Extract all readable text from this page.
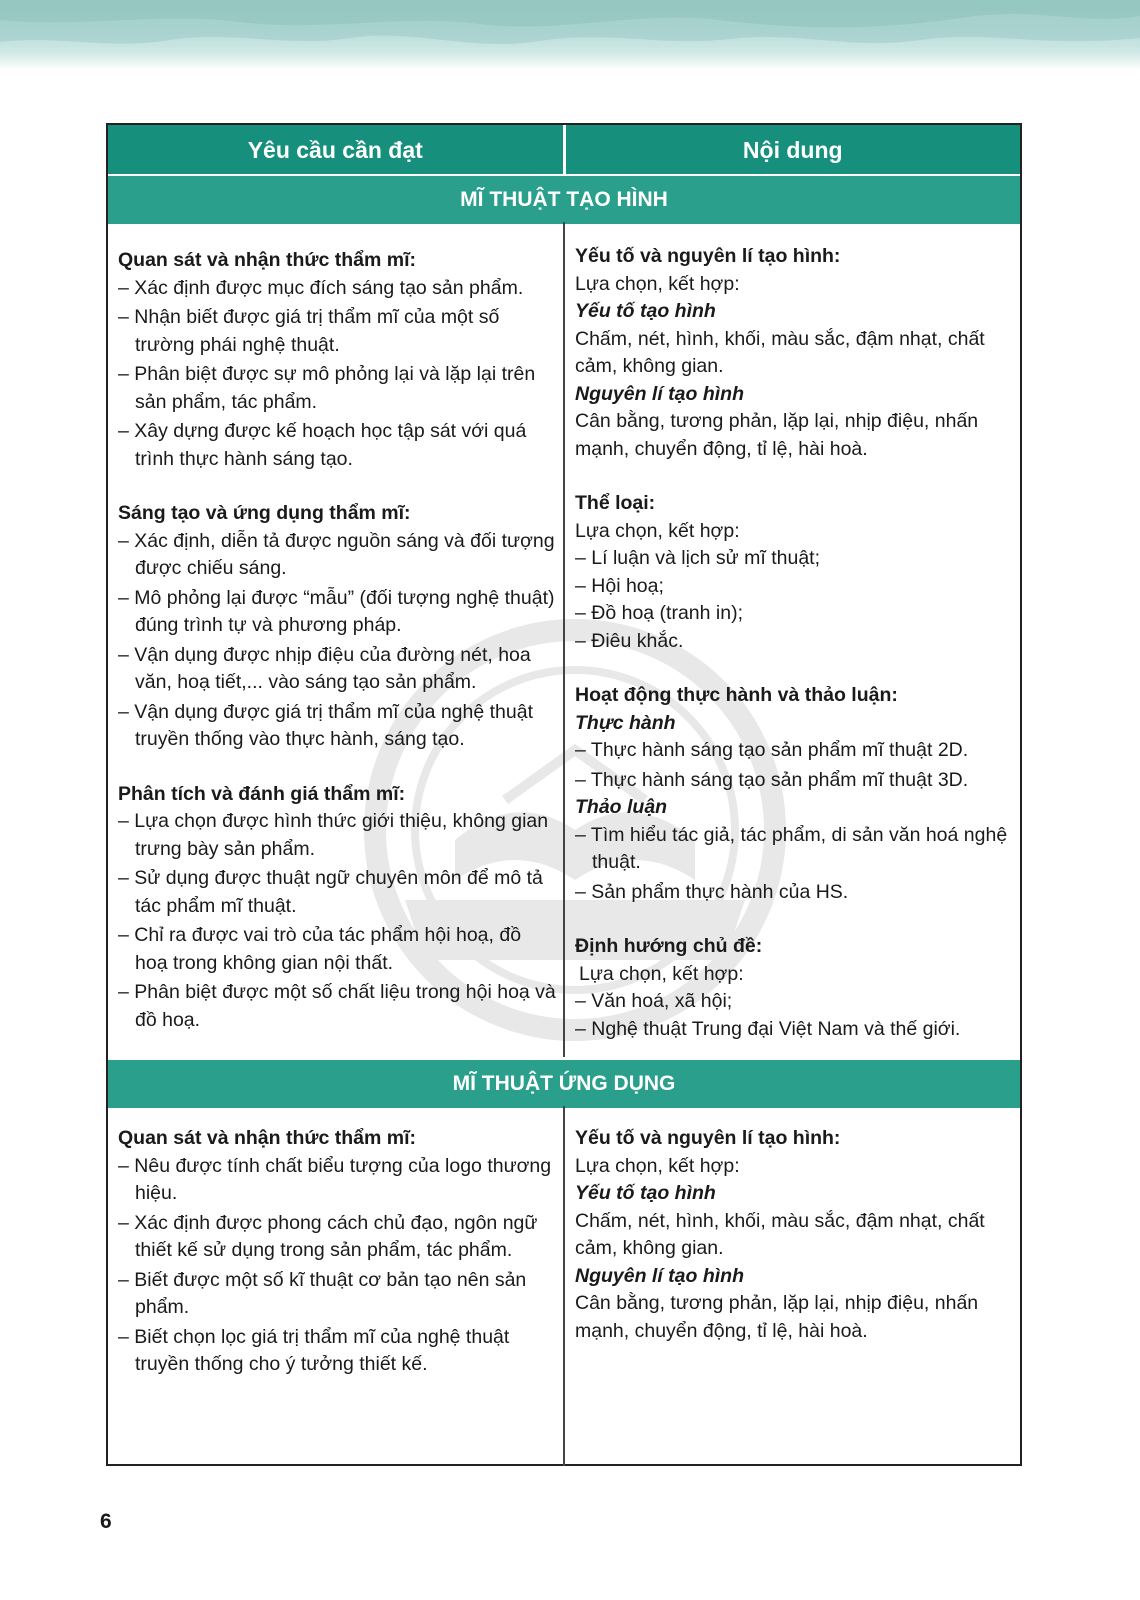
Yêu cầu cần đạt	Nội dung
MĨ THUẬT TẠO HÌNH
Quan sát và nhận thức thẩm mĩ:
– Xác định được mục đích sáng tạo sản phẩm.
– Nhận biết được giá trị thẩm mĩ của một số trường phái nghệ thuật.
– Phân biệt được sự mô phỏng lại và lặp lại trên sản phẩm, tác phẩm.
– Xây dựng được kế hoạch học tập sát với quá trình thực hành sáng tạo.
Sáng tạo và ứng dụng thẩm mĩ:
– Xác định, diễn tả được nguồn sáng và đối tượng được chiếu sáng.
– Mô phỏng lại được “mẫu” (đối tượng nghệ thuật) đúng trình tự và phương pháp.
– Vận dụng được nhịp điệu của đường nét, hoa văn, hoạ tiết,... vào sáng tạo sản phẩm.
– Vận dụng được giá trị thẩm mĩ của nghệ thuật truyền thống vào thực hành, sáng tạo.
Phân tích và đánh giá thẩm mĩ:
– Lựa chọn được hình thức giới thiệu, không gian trưng bày sản phẩm.
– Sử dụng được thuật ngữ chuyên môn để mô tả tác phẩm mĩ thuật.
– Chỉ ra được vai trò của tác phẩm hội hoạ, đồ hoạ trong không gian nội thất.
– Phân biệt được một số chất liệu trong hội hoạ và đồ hoạ.
Yếu tố và nguyên lí tạo hình:
Lựa chọn, kết hợp:
Yếu tố tạo hình
Chấm, nét, hình, khối, màu sắc, đậm nhạt, chất cảm, không gian.
Nguyên lí tạo hình
Cân bằng, tương phản, lặp lại, nhịp điệu, nhấn mạnh, chuyển động, tỉ lệ, hài hoà.
Thể loại:
Lựa chọn, kết hợp:
– Lí luận và lịch sử mĩ thuật;
– Hội hoạ;
– Đồ hoạ (tranh in);
– Điêu khắc.
Hoạt động thực hành và thảo luận:
Thực hành
– Thực hành sáng tạo sản phẩm mĩ thuật 2D.
– Thực hành sáng tạo sản phẩm mĩ thuật 3D.
Thảo luận
– Tìm hiểu tác giả, tác phẩm, di sản văn hoá nghệ thuật.
– Sản phẩm thực hành của HS.
Định hướng chủ đề:
Lựa chọn, kết hợp:
– Văn hoá, xã hội;
– Nghệ thuật Trung đại Việt Nam và thế giới.
MĨ THUẬT ỨNG DỤNG
Quan sát và nhận thức thẩm mĩ:
– Nêu được tính chất biểu tượng của logo thương hiệu.
– Xác định được phong cách chủ đạo, ngôn ngữ thiết kế sử dụng trong sản phẩm, tác phẩm.
– Biết được một số kĩ thuật cơ bản tạo nên sản phẩm.
– Biết chọn lọc giá trị thẩm mĩ của nghệ thuật truyền thống cho ý tưởng thiết kế.
Yếu tố và nguyên lí tạo hình:
Lựa chọn, kết hợp:
Yếu tố tạo hình
Chấm, nét, hình, khối, màu sắc, đậm nhạt, chất cảm, không gian.
Nguyên lí tạo hình
Cân bằng, tương phản, lặp lại, nhịp điệu, nhấn mạnh, chuyển động, tỉ lệ, hài hoà.
6
